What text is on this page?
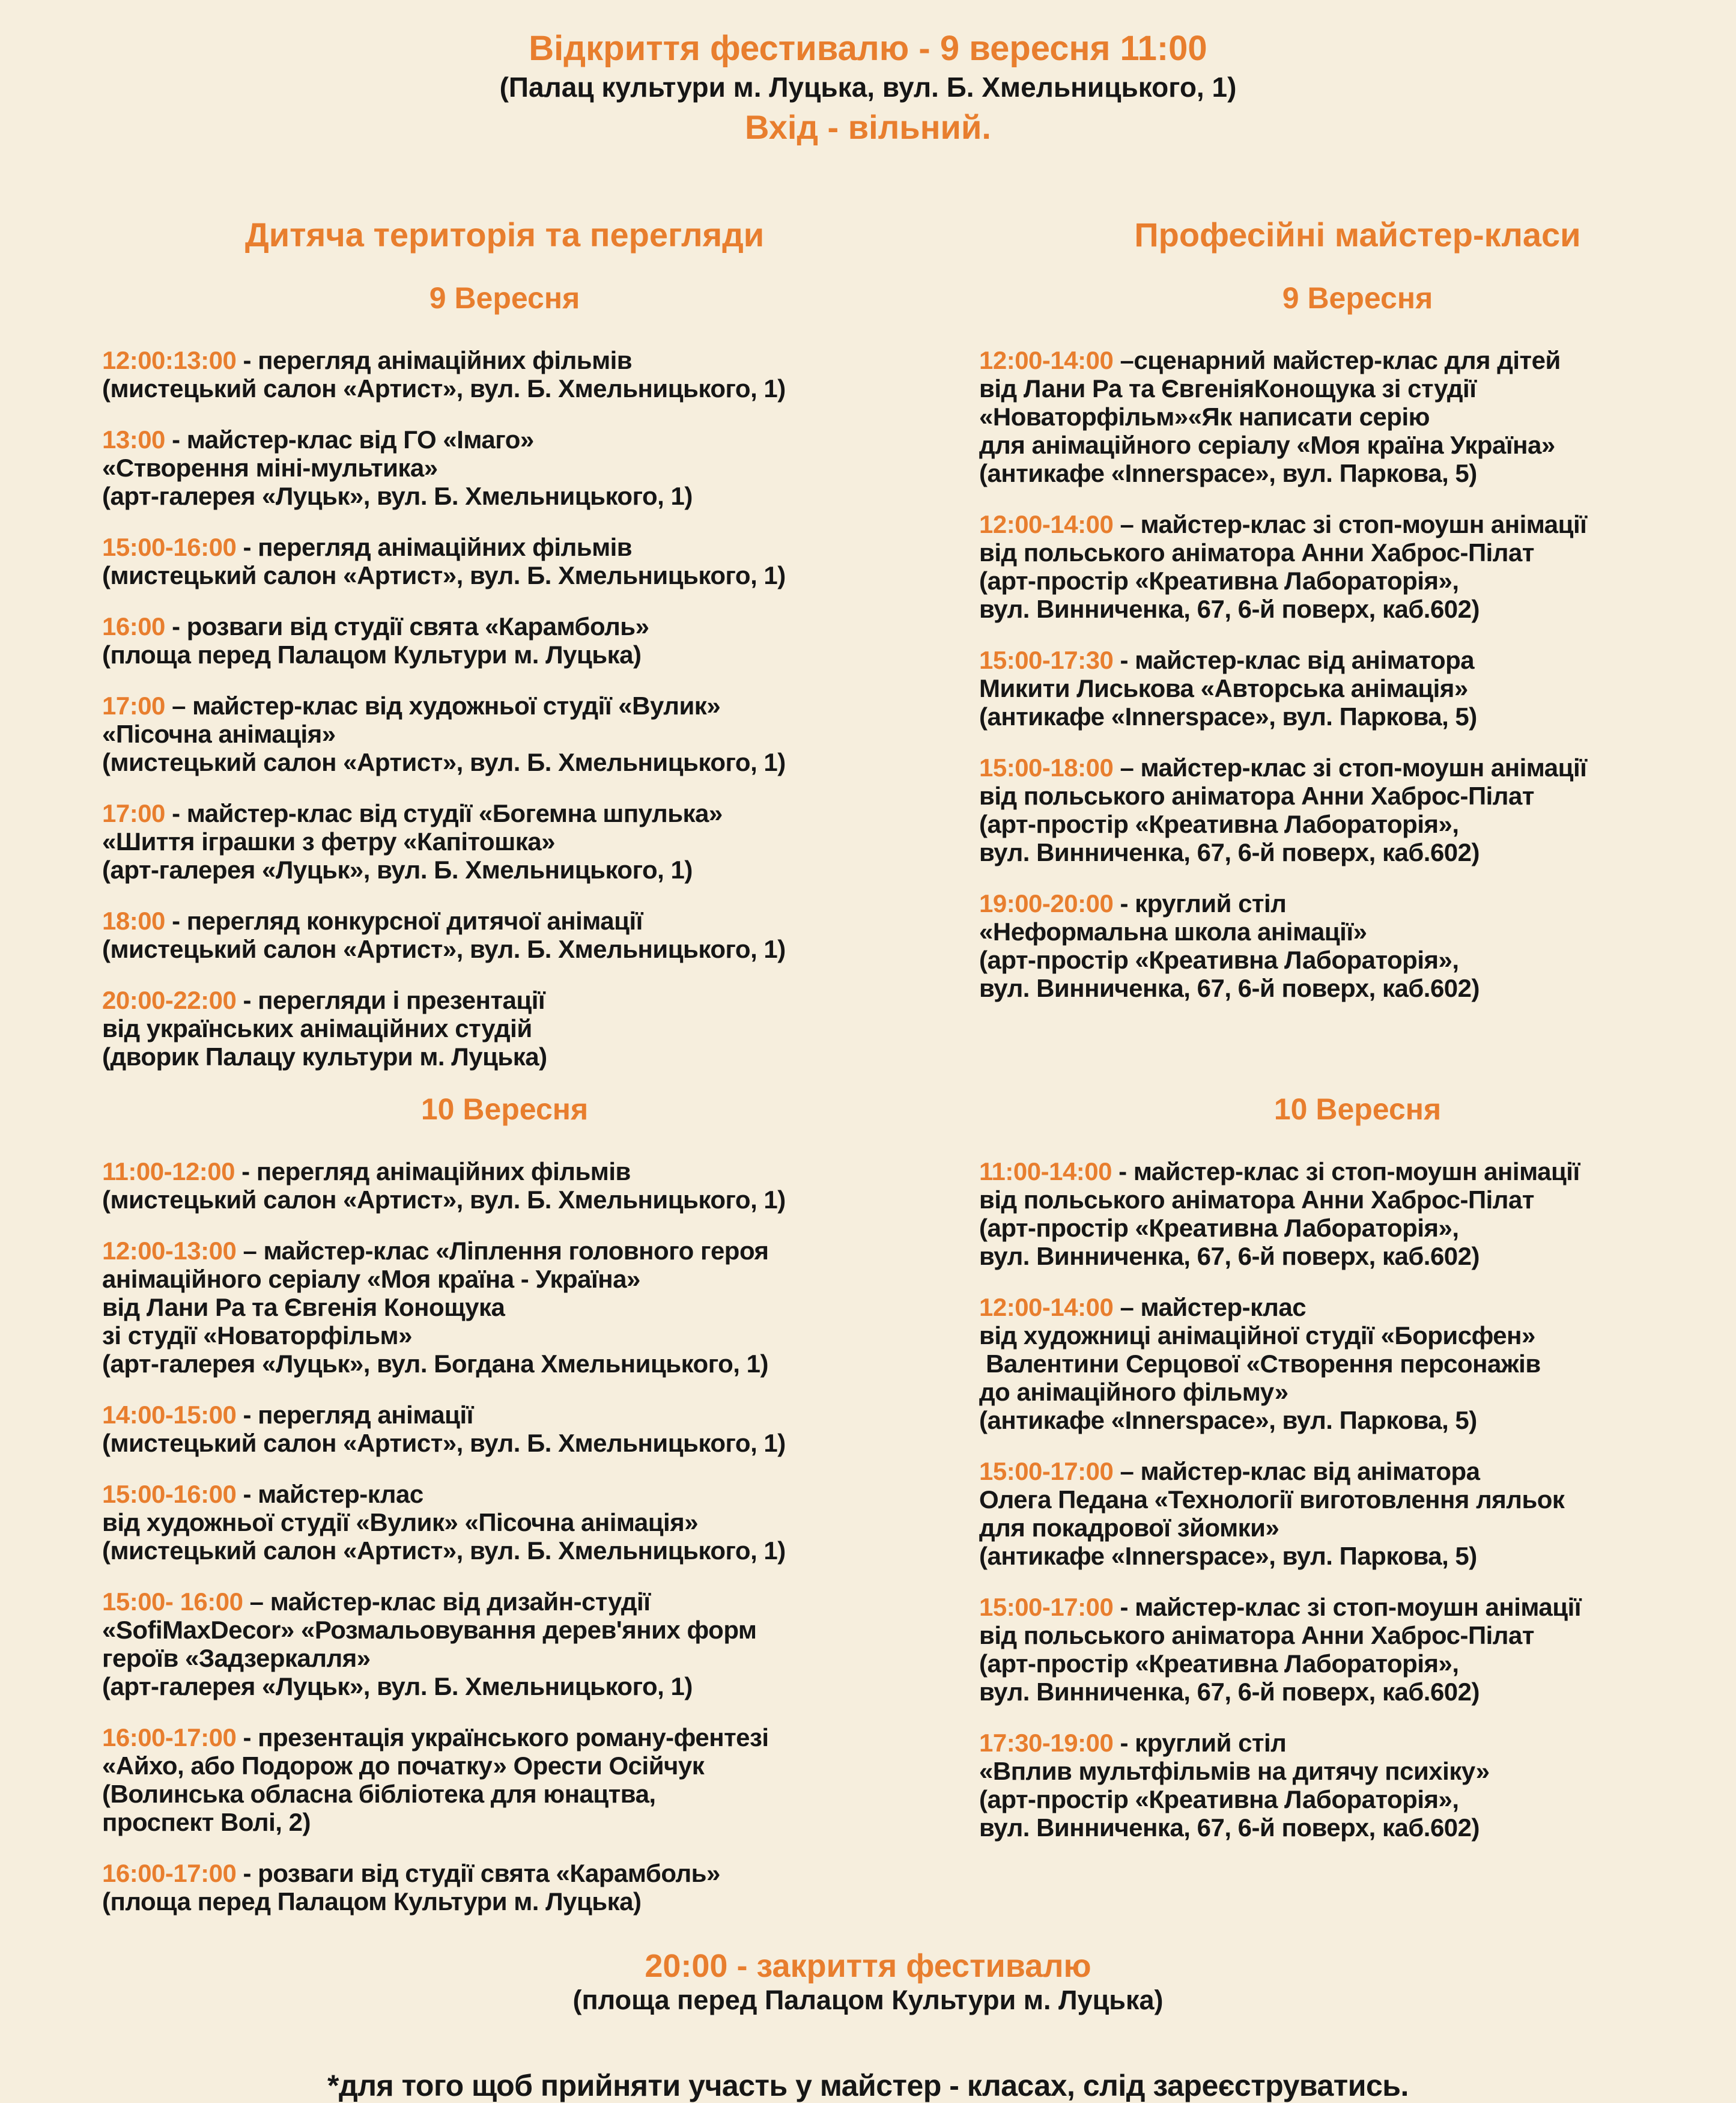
Відкриття фестивалю - 9 вересня 11:00
(Палац культури м. Луцька, вул. Б. Хмельницького, 1)
Вхід - вільний.
Дитяча територія та перегляди	Професійні майстер-класи
9 Вересня

12:00:13:00 - перегляд анімаційних фільмів

(мистецький салон «Артист», вул. Б. Хмельницького, 1)

13:00 - майстер-клас від ГО «Імаго»

«Створення міні-мультика»

(арт-галерея «Луцьк», вул. Б. Хмельницького, 1)

15:00-16:00 - перегляд анімаційних фільмів

(мистецький салон «Артист», вул. Б. Хмельницького, 1)

16:00 - розваги від студії свята «Карамболь»

(площа перед Палацом Культури м. Луцька)

17:00 – майстер-клас від художньої студії «Вулик»

«Пісочна анімація»

(мистецький салон «Артист», вул. Б. Хмельницького, 1)

17:00 - майстер-клас від студії «Богемна шпулька»

«Шиття іграшки з фетру «Капітошка»

(арт-галерея «Луцьк», вул. Б. Хмельницького, 1)

18:00 - перегляд конкурсної дитячої анімації

(мистецький салон «Артист», вул. Б. Хмельницького, 1)

20:00-22:00 - перегляди і презентації

від українських анімаційних студій

(дворик Палацу культури м. Луцька)

9 Вересня

12:00-14:00 –сценарний майстер-клас для дітей

від Лани Ра та ЄвгеніяКонощука зі студії

«Новаторфільм»«Як написати серію

для анімаційного серіалу «Моя країна Україна»

(антикафе «Innerspace», вул. Паркова, 5)

12:00-14:00 – майстер-клас зі стоп-моушн анімації

від польського аніматора Анни Хаброс-Пілат

(арт-простір «Креативна Лабораторія»,

вул. Винниченка, 67, 6-й поверх, каб.602)

15:00-17:30 - майстер-клас від аніматора

Микити Лиськова «Авторська анімація»

(антикафе «Innerspace», вул. Паркова, 5)

15:00-18:00 – майстер-клас зі стоп-моушн анімації

від польського аніматора Анни Хаброс-Пілат

(арт-простір «Креативна Лабораторія»,

вул. Винниченка, 67, 6-й поверх, каб.602)

19:00-20:00 - круглий стіл

«Неформальна школа анімації»

(арт-простір «Креативна Лабораторія»,

вул. Винниченка, 67, 6-й поверх, каб.602)

10 Вересня

11:00-12:00 - перегляд анімаційних фільмів

(мистецький салон «Артист», вул. Б. Хмельницького, 1)

12:00-13:00 – майстер-клас «Ліплення головного героя

анімаційного серіалу «Моя країна - Україна»

від Лани Ра та Євгенія Конощука

зі студії «Новаторфільм»

(арт-галерея «Луцьк», вул. Богдана Хмельницького, 1)

14:00-15:00 - перегляд анімації

(мистецький салон «Артист», вул. Б. Хмельницького, 1)

15:00-16:00 - майстер-клас

від художньої студії «Вулик» «Пісочна анімація»

(мистецький салон «Артист», вул. Б. Хмельницького, 1)

15:00- 16:00 – майстер-клас від дизайн-студії

«SofiMaxDecor» «Розмальовування дерев'яних форм

героїв «Задзеркалля»

(арт-галерея «Луцьк», вул. Б. Хмельницького, 1)

16:00-17:00 - презентація українського роману-фентезі

«Айхо, або Подорож до початку» Орести Осійчук

(Волинська обласна бібліотека для юнацтва,

проспект Волі, 2)

16:00-17:00 - розваги від студії свята «Карамболь»

(площа перед Палацом Культури м. Луцька)

10 Вересня

11:00-14:00 - майстер-клас зі стоп-моушн анімації

від польського аніматора Анни Хаброс-Пілат

(арт-простір «Креативна Лабораторія»,

вул. Винниченка, 67, 6-й поверх, каб.602)

12:00-14:00 – майстер-клас

від художниці анімаційної студії «Борисфен»

Валентини Серцової «Створення персонажів

до анімаційного фільму»

(антикафе «Innerspace», вул. Паркова, 5)

15:00-17:00 – майстер-клас від аніматора

Олега Педана «Технології виготовлення ляльок

для покадрової зйомки»

(антикафе «Innerspace», вул. Паркова, 5)

15:00-17:00 - майстер-клас зі стоп-моушн анімації

від польського аніматора Анни Хаброс-Пілат

(арт-простір «Креативна Лабораторія»,

вул. Винниченка, 67, 6-й поверх, каб.602)

17:30-19:00 - круглий стіл

«Вплив мультфільмів на дитячу психіку»

(арт-простір «Креативна Лабораторія»,

вул. Винниченка, 67, 6-й поверх, каб.602)

20:00 - закриття фестивалю
(площа перед Палацом Культури м. Луцька)
*для того щоб прийняти участь у майстер - класах, слід зареєструватись.
